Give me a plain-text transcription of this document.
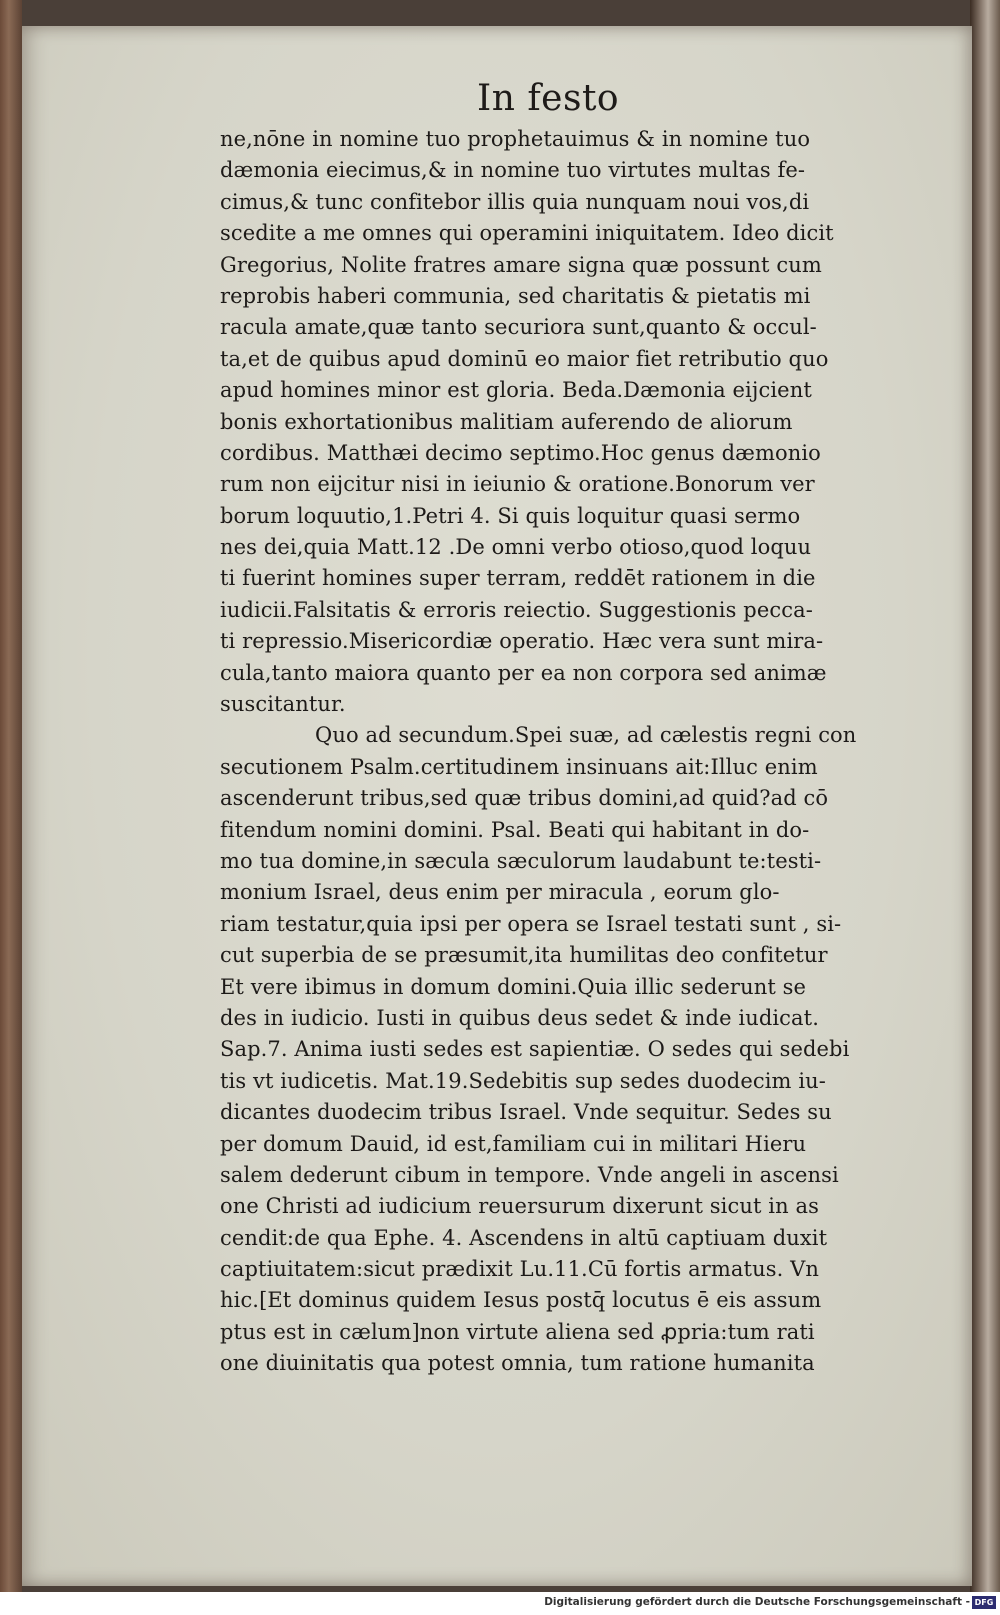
In festo
ne,nōne in nomine tuo prophetauimus & in nomine tuo
dæmonia eiecimus,& in nomine tuo virtutes multas fe-
cimus,& tunc confitebor illis quia nunquam noui vos,di
scedite a me omnes qui operamini iniquitatem. Ideo dicit
Gregorius, Nolite fratres amare signa quæ possunt cum
reprobis haberi communia, sed charitatis & pietatis mi
racula amate,quæ tanto securiora sunt,quanto & occul-
ta,et de quibus apud dominū eo maior fiet retributio quo
apud homines minor est gloria. Beda.Dæmonia eijcient
bonis exhortationibus malitiam auferendo de aliorum
cordibus. Matthæi decimo septimo.Hoc genus dæmonio
rum non eijcitur nisi in ieiunio & oratione.Bonorum ver
borum loquutio,1.Petri 4. Si quis loquitur quasi sermo
nes dei,quia Matt.12 .De omni verbo otioso,quod loquu
ti fuerint homines super terram, reddēt rationem in die
iudicii.Falsitatis & erroris reiectio. Suggestionis pecca-
ti repressio.Misericordiæ operatio. Hæc vera sunt mira-
cula,tanto maiora quanto per ea non corpora sed animæ
suscitantur.
Quo ad secundum.Spei suæ, ad cælestis regni con
secutionem Psalm.certitudinem insinuans ait:Illuc enim
ascenderunt tribus,sed quæ tribus domini,ad quid?ad cō
fitendum nomini domini. Psal. Beati qui habitant in do-
mo tua domine,in sæcula sæculorum laudabunt te:testi-
monium Israel, deus enim per miracula , eorum glo-
riam testatur,quia ipsi per opera se Israel testati sunt , si-
cut superbia de se præsumit,ita humilitas deo confitetur
Et vere ibimus in domum domini.Quia illic sederunt se
des in iudicio. Iusti in quibus deus sedet & inde iudicat.
Sap.7. Anima iusti sedes est sapientiæ. O sedes qui sedebi
tis vt iudicetis. Mat.19.Sedebitis sup sedes duodecim iu-
dicantes duodecim tribus Israel. Vnde sequitur. Sedes su
per domum Dauid, id est,familiam cui in militari Hieru
salem dederunt cibum in tempore. Vnde angeli in ascensi
one Christi ad iudicium reuersurum dixerunt sicut in as
cendit:de qua Ephe. 4. Ascendens in altū captiuam duxit
captiuitatem:sicut prædixit Lu.11.Cū fortis armatus. Vn
hic.[Et dominus quidem Iesus postq̄ locutus ē eis assum
ptus est in cælum]non virtute aliena sed ꝓpria:tum rati
one diuinitatis qua potest omnia, tum ratione humanita
Digitalisierung gefördert durch die Deutsche Forschungsgemeinschaft - DFG
